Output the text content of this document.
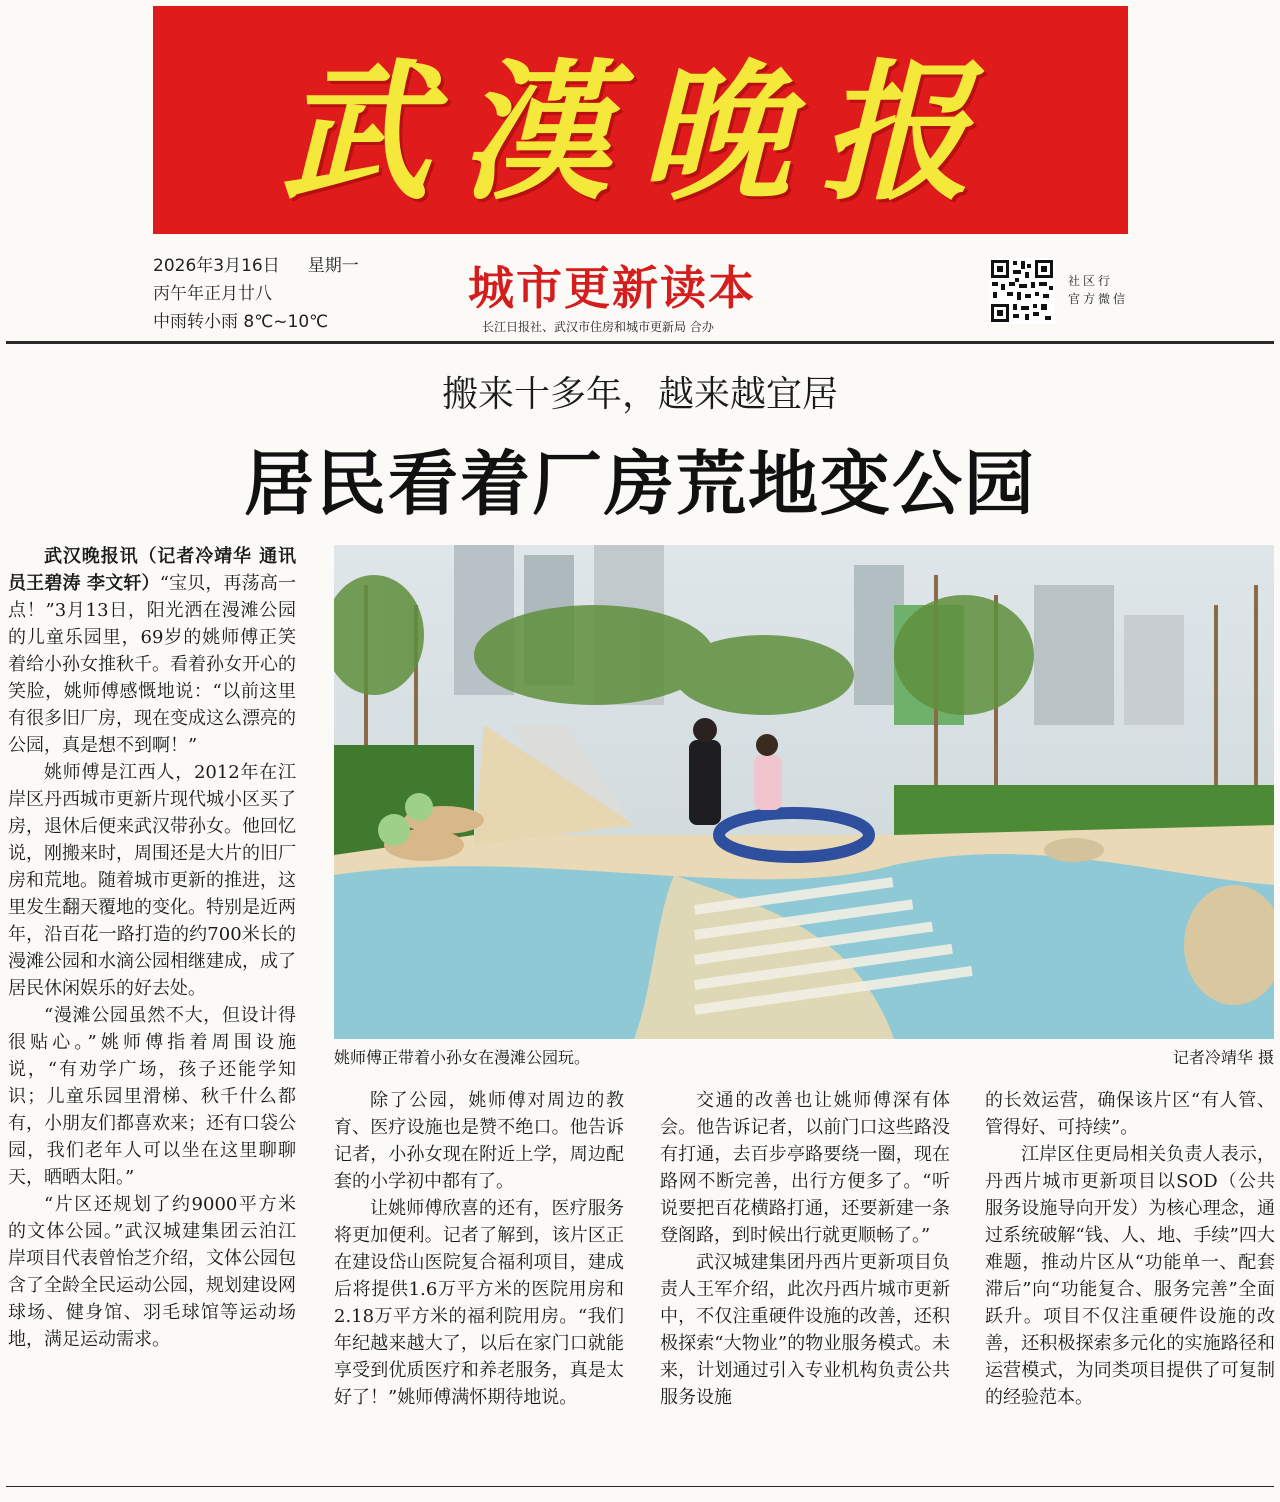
武漢晚报
2026年3月16日 星期一
丙午年正月廿八
中雨转小雨 8℃~10℃
城市更新读本
长江日报社、武汉市住房和城市更新局 合办
社区行
官方微信
搬来十多年，越来越宜居
居民看着厂房荒地变公园
姚师傅正带着小孙女在漫滩公园玩。	记者冷靖华 摄

武汉晚报讯（记者冷靖华 通讯员王碧涛 李文轩）“宝贝，再荡高一点！”3月13日，阳光洒在漫滩公园的儿童乐园里，69岁的姚师傅正笑着给小孙女推秋千。看着孙女开心的笑脸，姚师傅感慨地说：“以前这里有很多旧厂房，现在变成这么漂亮的公园，真是想不到啊！”

姚师傅是江西人，2012年在江岸区丹西城市更新片现代城小区买了房，退休后便来武汉带孙女。他回忆说，刚搬来时，周围还是大片的旧厂房和荒地。随着城市更新的推进，这里发生翻天覆地的变化。特别是近两年，沿百花一路打造的约700米长的漫滩公园和水滴公园相继建成，成了居民休闲娱乐的好去处。

“漫滩公园虽然不大，但设计得很贴心。”姚师傅指着周围设施说，“有劝学广场，孩子还能学知识；儿童乐园里滑梯、秋千什么都有，小朋友们都喜欢来；还有口袋公园，我们老年人可以坐在这里聊聊天，晒晒太阳。”

“片区还规划了约9000平方米的文体公园。”武汉城建集团云泊江岸项目代表曾怡芝介绍，文体公园包含了全龄全民运动公园，规划建设网球场、健身馆、羽毛球馆等运动场地，满足运动需求。

除了公园，姚师傅对周边的教育、医疗设施也是赞不绝口。他告诉记者，小孙女现在附近上学，周边配套的小学初中都有了。

让姚师傅欣喜的还有，医疗服务将更加便利。记者了解到，该片区正在建设岱山医院复合福利项目，建成后将提供1.6万平方米的医院用房和2.18万平方米的福利院用房。“我们年纪越来越大了，以后在家门口就能享受到优质医疗和养老服务，真是太好了！”姚师傅满怀期待地说。

交通的改善也让姚师傅深有体会。他告诉记者，以前门口这些路没有打通，去百步亭路要绕一圈，现在路网不断完善，出行方便多了。“听说要把百花横路打通，还要新建一条登阁路，到时候出行就更顺畅了。”

武汉城建集团丹西片更新项目负责人王军介绍，此次丹西片城市更新中，不仅注重硬件设施的改善，还积极探索“大物业”的物业服务模式。未来，计划通过引入专业机构负责公共服务设施

的长效运营，确保该片区“有人管、管得好、可持续”。

江岸区住更局相关负责人表示，丹西片城市更新项目以SOD（公共服务设施导向开发）为核心理念，通过系统破解“钱、人、地、手续”四大难题，推动片区从“功能单一、配套滞后”向“功能复合、服务完善”全面跃升。项目不仅注重硬件设施的改善，还积极探索多元化的实施路径和运营模式，为同类项目提供了可复制的经验范本。
